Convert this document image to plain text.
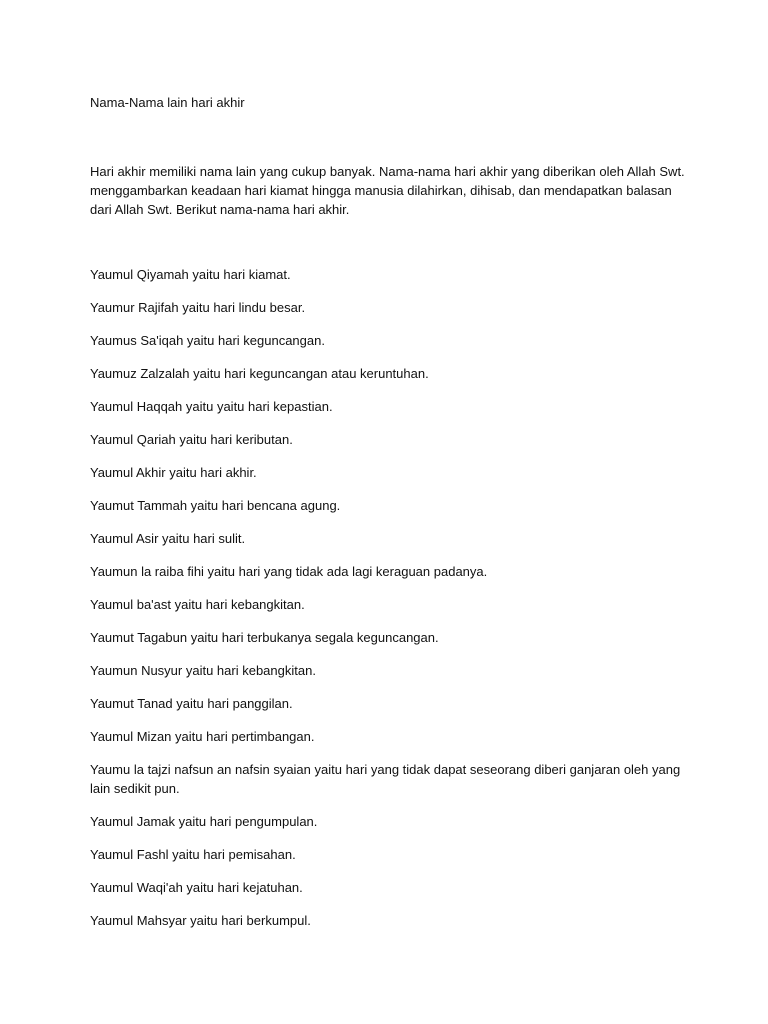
Nama-Nama lain hari akhir

Hari akhir memiliki nama lain yang cukup banyak. Nama-nama hari akhir yang diberikan oleh Allah Swt. menggambarkan keadaan hari kiamat hingga manusia dilahirkan, dihisab, dan mendapatkan balasan dari Allah Swt. Berikut nama-nama hari akhir.

Yaumul Qiyamah yaitu hari kiamat.
Yaumur Rajifah yaitu hari lindu besar.
Yaumus Sa'iqah yaitu hari keguncangan.
Yaumuz Zalzalah yaitu hari keguncangan atau keruntuhan.
Yaumul Haqqah yaitu yaitu hari kepastian.
Yaumul Qariah yaitu hari keributan.
Yaumul Akhir yaitu hari akhir.
Yaumut Tammah yaitu hari bencana agung.
Yaumul Asir yaitu hari sulit.
Yaumun la raiba fihi yaitu hari yang tidak ada lagi keraguan padanya.
Yaumul ba'ast yaitu hari kebangkitan.
Yaumut Tagabun yaitu hari terbukanya segala keguncangan.
Yaumun Nusyur yaitu hari kebangkitan.
Yaumut Tanad yaitu hari panggilan.
Yaumul Mizan yaitu hari pertimbangan.
Yaumu la tajzi nafsun an nafsin syaian yaitu hari yang tidak dapat seseorang diberi ganjaran oleh yang lain sedikit pun.
Yaumul Jamak yaitu hari pengumpulan.
Yaumul Fashl yaitu hari pemisahan.
Yaumul Waqi'ah yaitu hari kejatuhan.
Yaumul Mahsyar yaitu hari berkumpul.
